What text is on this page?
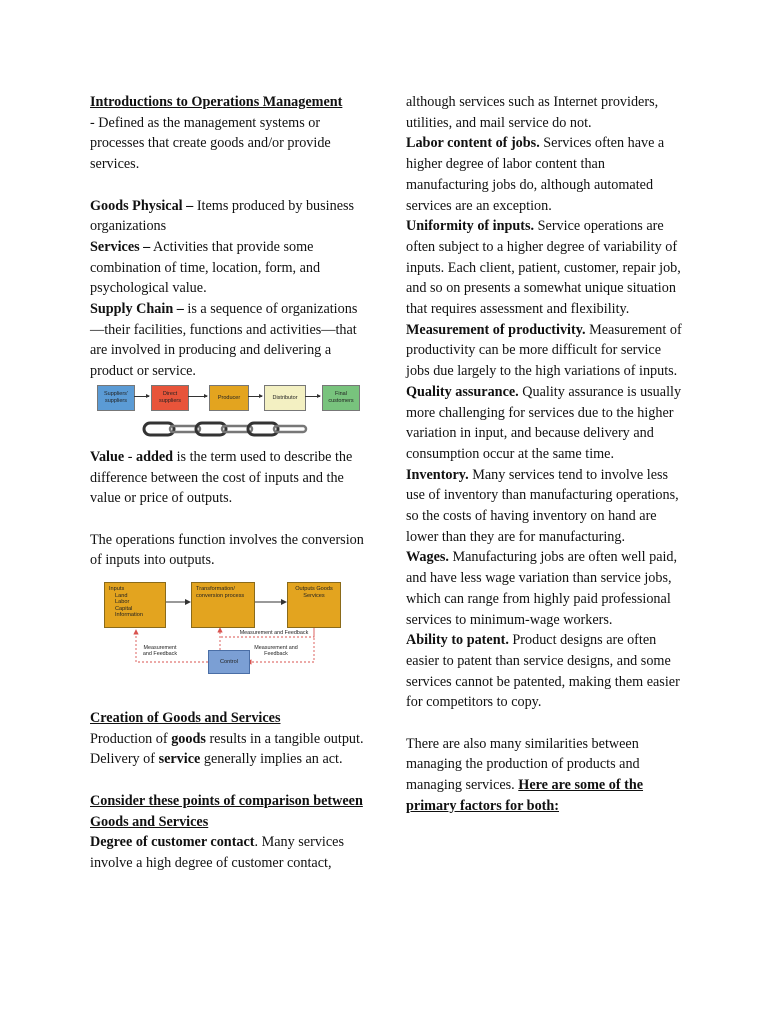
Introductions to Operations Management

- Defined as the management systems or processes that create goods and/or provide services.

Goods Physical – Items produced by business organizations

Services – Activities that provide some combination of time, location, form, and psychological value.

Supply Chain – is a sequence of organizations—their facilities, functions and activities—that are involved in producing and delivering a product or service.

Suppliers' suppliers
Direct suppliers
Producer	Distributor
Final customers

Value - added is the term used to describe the difference between the cost of inputs and the value or price of outputs.

The operations function involves the conversion of inputs into outputs.

Inputs
Land
Labor
Capital
Information
Transformation/ conversion process
Outputs Goods Services
Measurement and Feedback
Measurement and Feedback
Measurement and Feedback
Control

Creation of Goods and Services

Production of goods results in a tangible output.

Delivery of service generally implies an act.

Consider these points of comparison between Goods and Services

Degree of customer contact. Many services involve a high degree of customer contact,

although services such as Internet providers, utilities, and mail service do not.

Labor content of jobs. Services often have a higher degree of labor content than manufacturing jobs do, although automated services are an exception.

Uniformity of inputs. Service operations are often subject to a higher degree of variability of inputs. Each client, patient, customer, repair job, and so on presents a somewhat unique situation that requires assessment and flexibility.

Measurement of productivity. Measurement of productivity can be more difficult for service jobs due largely to the high variations of inputs.

Quality assurance. Quality assurance is usually more challenging for services due to the higher variation in input, and because delivery and consumption occur at the same time.

Inventory. Many services tend to involve less use of inventory than manufacturing operations, so the costs of having inventory on hand are lower than they are for manufacturing.

Wages. Manufacturing jobs are often well paid, and have less wage variation than service jobs, which can range from highly paid professional services to minimum-wage workers.

Ability to patent. Product designs are often easier to patent than service designs, and some services cannot be patented, making them easier for competitors to copy.

There are also many similarities between managing the production of products and managing services. Here are some of the primary factors for both:
